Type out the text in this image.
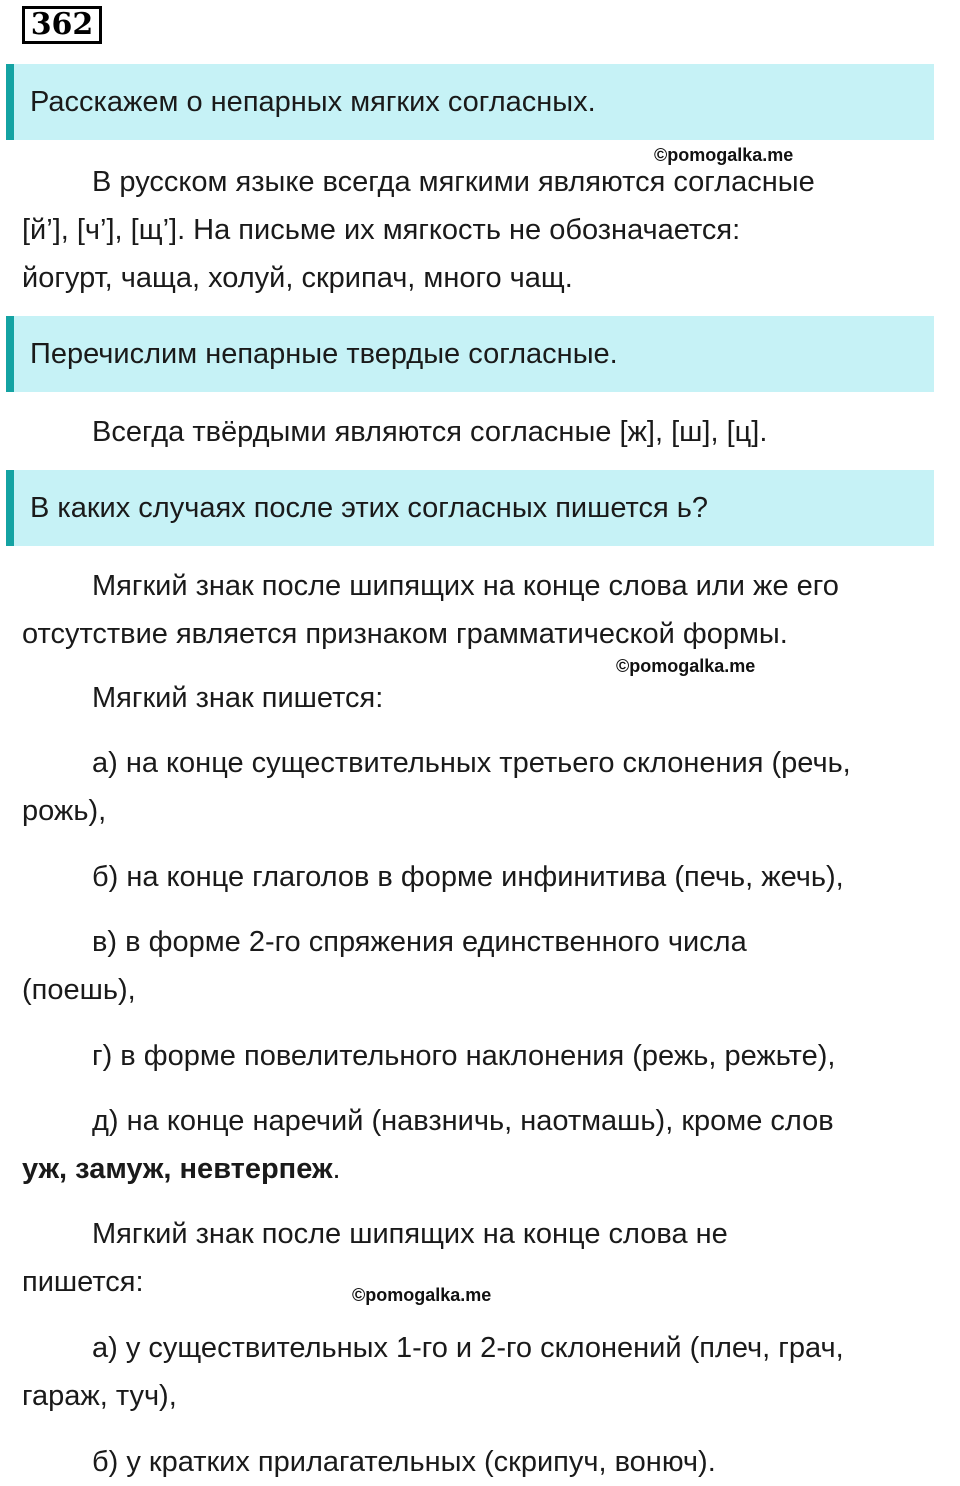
362
Расскажем о непарных мягких согласных.
©pomogalka.me
В русском языке всегда мягкими являются согласные
[й’], [ч’], [щ’]. На письме их мягкость не обозначается:
йогурт, чаща, холуй, скрипач, много чащ.
Перечислим непарные твердые согласные.
Всегда твёрдыми являются согласные [ж], [ш], [ц].
В каких случаях после этих согласных пишется ь?
Мягкий знак после шипящих на конце слова или же его
отсутствие является признаком грамматической формы.
©pomogalka.me
Мягкий знак пишется:
а) на конце существительных третьего склонения (речь,
рожь),
б) на конце глаголов в форме инфинитива (печь, жечь),
в) в форме 2-го спряжения единственного числа
(поешь),
г) в форме повелительного наклонения (режь, режьте),
д) на конце наречий (навзничь, наотмашь), кроме слов
уж, замуж, невтерпеж.
Мягкий знак после шипящих на конце слова не
пишется:	©pomogalka.me
а) у существительных 1-го и 2-го склонений (плеч, грач,
гараж, туч),
б) у кратких прилагательных (скрипуч, вонюч).
